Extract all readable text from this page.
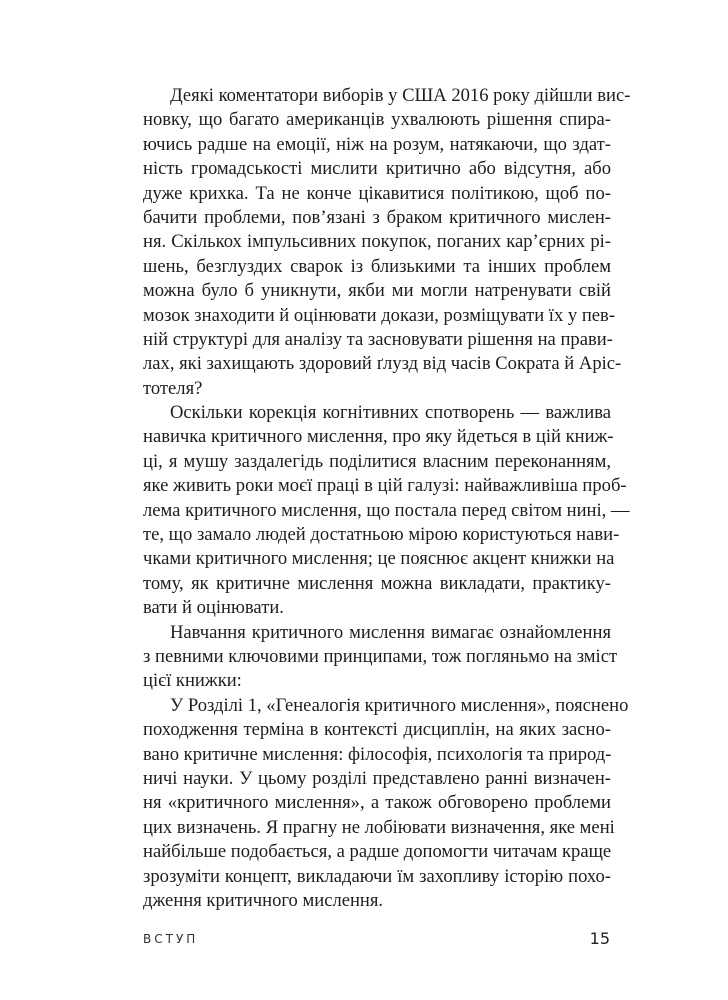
Деякі коментатори виборів у США 2016 року дійшли вис-
новку, що багато американців ухвалюють рішення спира-
ючись радше на емоції, ніж на розум, натякаючи, що здат-
ність громадськості мислити критично або відсутня, або
дуже крихка. Та не конче цікавитися політикою, щоб по-
бачити проблеми, пов’язані з браком критичного мислен-
ня. Скількох імпульсивних покупок, поганих кар’єрних рі-
шень, безглуздих сварок із близькими та інших проблем
можна було б уникнути, якби ми могли натренувати свій
мозок знаходити й оцінювати докази, розміщувати їх у пев-
ній структурі для аналізу та засновувати рішення на прави-
лах, які захищають здоровий ґлузд від часів Сократа й Аріс-
тотеля?
Оскільки корекція когнітивних спотворень — важлива
навичка критичного мислення, про яку йдеться в цій книж-
ці, я мушу заздалегідь поділитися власним переконанням,
яке живить роки моєї праці в цій галузі: найважливіша проб-
лема критичного мислення, що постала перед світом нині, —
те, що замало людей достатньою мірою користуються нави-
чками критичного мислення; це пояснює акцент книжки на
тому, як критичне мислення можна викладати, практику-
вати й оцінювати.
Навчання критичного мислення вимагає ознайомлення
з певними ключовими принципами, тож погляньмо на зміст
цієї книжки:
У Розділі 1, «Генеалогія критичного мислення», пояснено
походження терміна в контексті дисциплін, на яких засно-
вано критичне мислення: філософія, психологія та природ-
ничі науки. У цьому розділі представлено ранні визначен-
ня «критичного мислення», а також обговорено проблеми
цих визначень. Я прагну не лобіювати визначення, яке мені
найбільше подобається, а радше допомогти читачам краще
зрозуміти концепт, викладаючи їм захопливу історію похо-
дження критичного мислення.
ВСТУП	15
